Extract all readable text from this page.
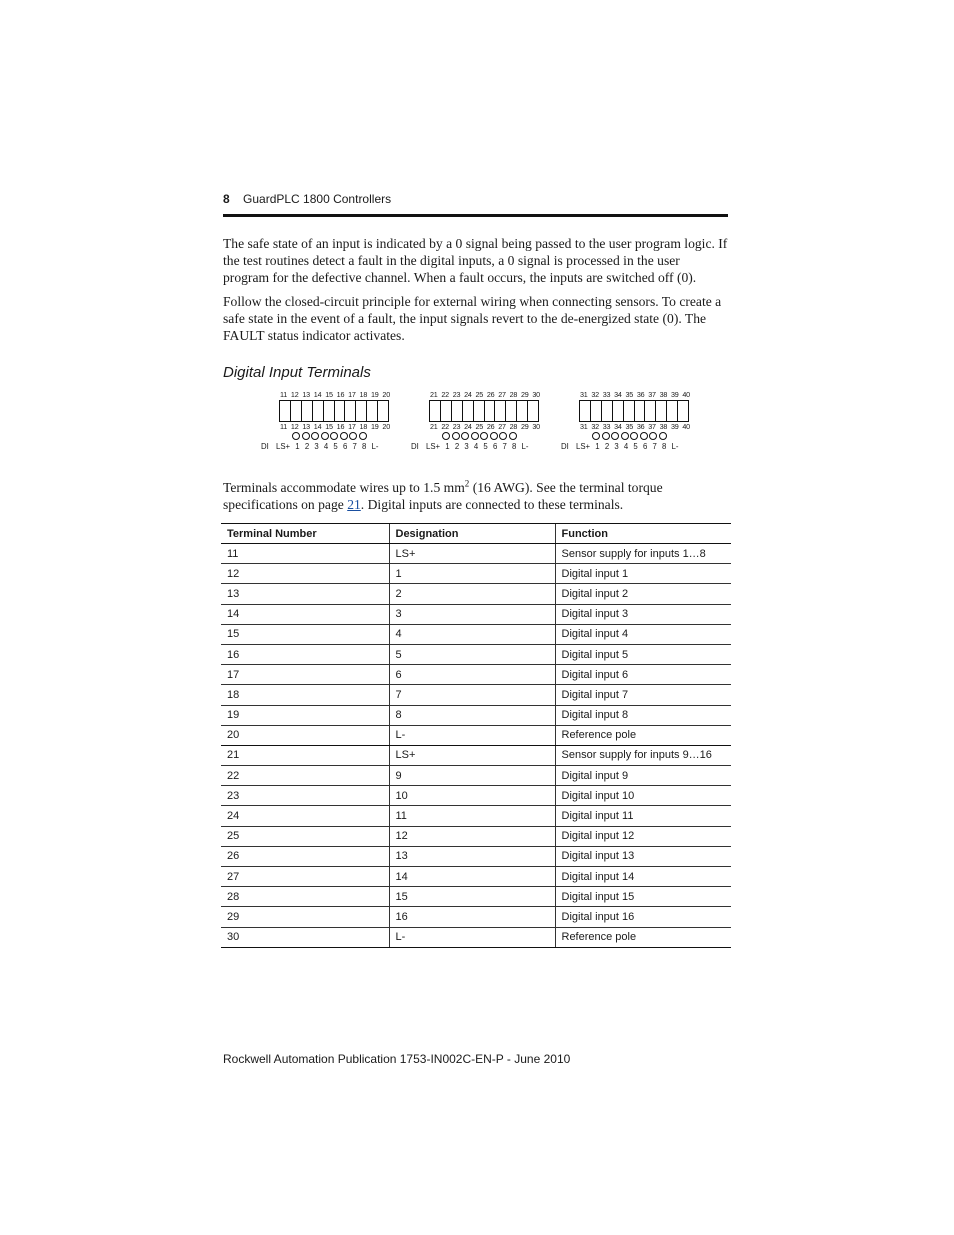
8 GuardPLC 1800 Controllers

The safe state of an input is indicated by a 0 signal being passed to the user program logic. If the test routines detect a fault in the digital inputs, a 0 signal is processed in the user program for the defective channel. When a fault occurs, the inputs are switched off (0).

Follow the closed-circuit principle for external wiring when connecting sensors. To create a safe state in the event of a fault, the input signals revert to the de-energized state (0). The FAULT status indicator activates.

Digital Input Terminals
11 12 13 14 15 16 17 18 19 20
11 12 13 14 15 16 17 18 19 20
DI LS+ 1 2 3 4 5 6 7 8 L-
21 22 23 24 25 26 27 28 29 30
21 22 23 24 25 26 27 28 29 30
DI LS+ 1 2 3 4 5 6 7 8 L-
31 32 33 34 35 36 37 38 39 40
31 32 33 34 35 36 37 38 39 40
DI LS+ 1 2 3 4 5 6 7 8 L-

Terminals accommodate wires up to 1.5 $mm^2$ (16 AWG). See the terminal torque specifications on page 21. Digital inputs are connected to these terminals.

Terminal Number	Designation	Function
11	LS+	Sensor supply for inputs 1…8
12	1	Digital input 1
13	2	Digital input 2
14	3	Digital input 3
15	4	Digital input 4
16	5	Digital input 5
17	6	Digital input 6
18	7	Digital input 7
19	8	Digital input 8
20	L-	Reference pole
21	LS+	Sensor supply for inputs 9…16
22	9	Digital input 9
23	10	Digital input 10
24	11	Digital input 11
25	12	Digital input 12
26	13	Digital input 13
27	14	Digital input 14
28	15	Digital input 15
29	16	Digital input 16
30	L-	Reference pole
Rockwell Automation Publication 1753-IN002C-EN-P - June 2010
